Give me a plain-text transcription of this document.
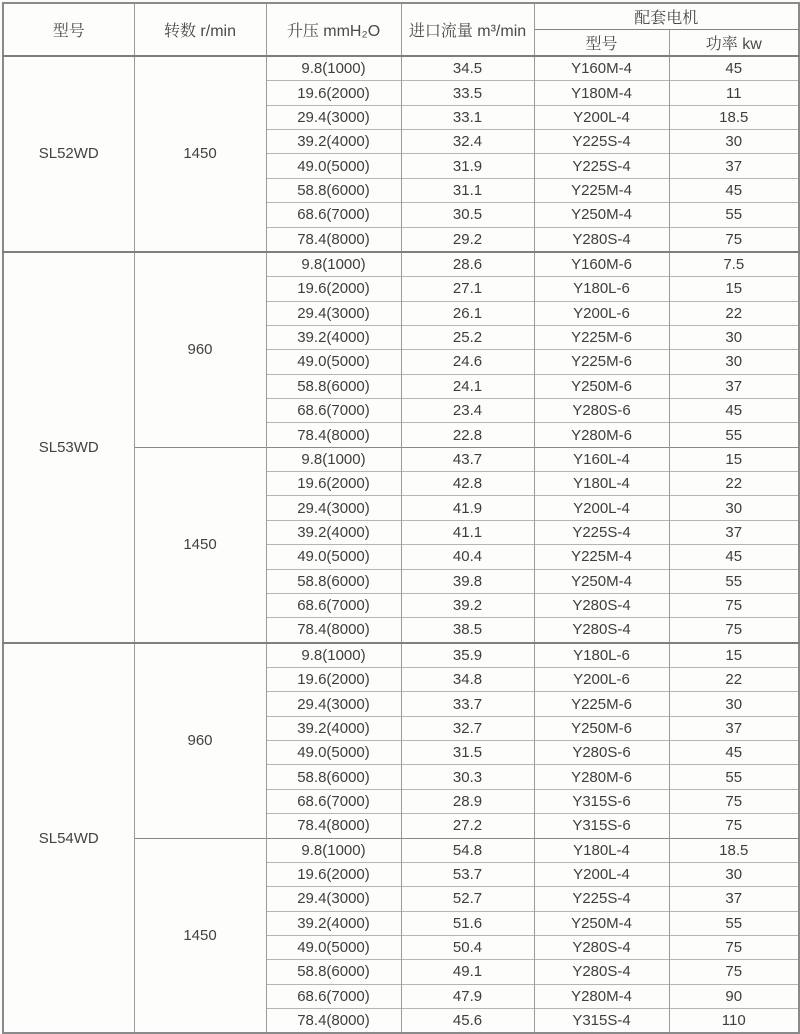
型号	转数 r/min	升压 mmH₂O	进口流量 m³/min	配套电机	
				型号	功率 kw
SL52WD	1450	9.8(1000)	34.5	Y160M-4	45
		19.6(2000)	33.5	Y180M-4	11
		29.4(3000)	33.1	Y200L-4	18.5
		39.2(4000)	32.4	Y225S-4	30
		49.0(5000)	31.9	Y225S-4	37
		58.8(6000)	31.1	Y225M-4	45
		68.6(7000)	30.5	Y250M-4	55
		78.4(8000)	29.2	Y280S-4	75
SL53WD	960	9.8(1000)	28.6	Y160M-6	7.5
		19.6(2000)	27.1	Y180L-6	15
		29.4(3000)	26.1	Y200L-6	22
		39.2(4000)	25.2	Y225M-6	30
		49.0(5000)	24.6	Y225M-6	30
		58.8(6000)	24.1	Y250M-6	37
		68.6(7000)	23.4	Y280S-6	45
		78.4(8000)	22.8	Y280M-6	55
	1450	9.8(1000)	43.7	Y160L-4	15
		19.6(2000)	42.8	Y180L-4	22
		29.4(3000)	41.9	Y200L-4	30
		39.2(4000)	41.1	Y225S-4	37
		49.0(5000)	40.4	Y225M-4	45
		58.8(6000)	39.8	Y250M-4	55
		68.6(7000)	39.2	Y280S-4	75
		78.4(8000)	38.5	Y280S-4	75
SL54WD	960	9.8(1000)	35.9	Y180L-6	15
		19.6(2000)	34.8	Y200L-6	22
		29.4(3000)	33.7	Y225M-6	30
		39.2(4000)	32.7	Y250M-6	37
		49.0(5000)	31.5	Y280S-6	45
		58.8(6000)	30.3	Y280M-6	55
		68.6(7000)	28.9	Y315S-6	75
		78.4(8000)	27.2	Y315S-6	75
	1450	9.8(1000)	54.8	Y180L-4	18.5
		19.6(2000)	53.7	Y200L-4	30
		29.4(3000)	52.7	Y225S-4	37
		39.2(4000)	51.6	Y250M-4	55
		49.0(5000)	50.4	Y280S-4	75
		58.8(6000)	49.1	Y280S-4	75
		68.6(7000)	47.9	Y280M-4	90
		78.4(8000)	45.6	Y315S-4	110
